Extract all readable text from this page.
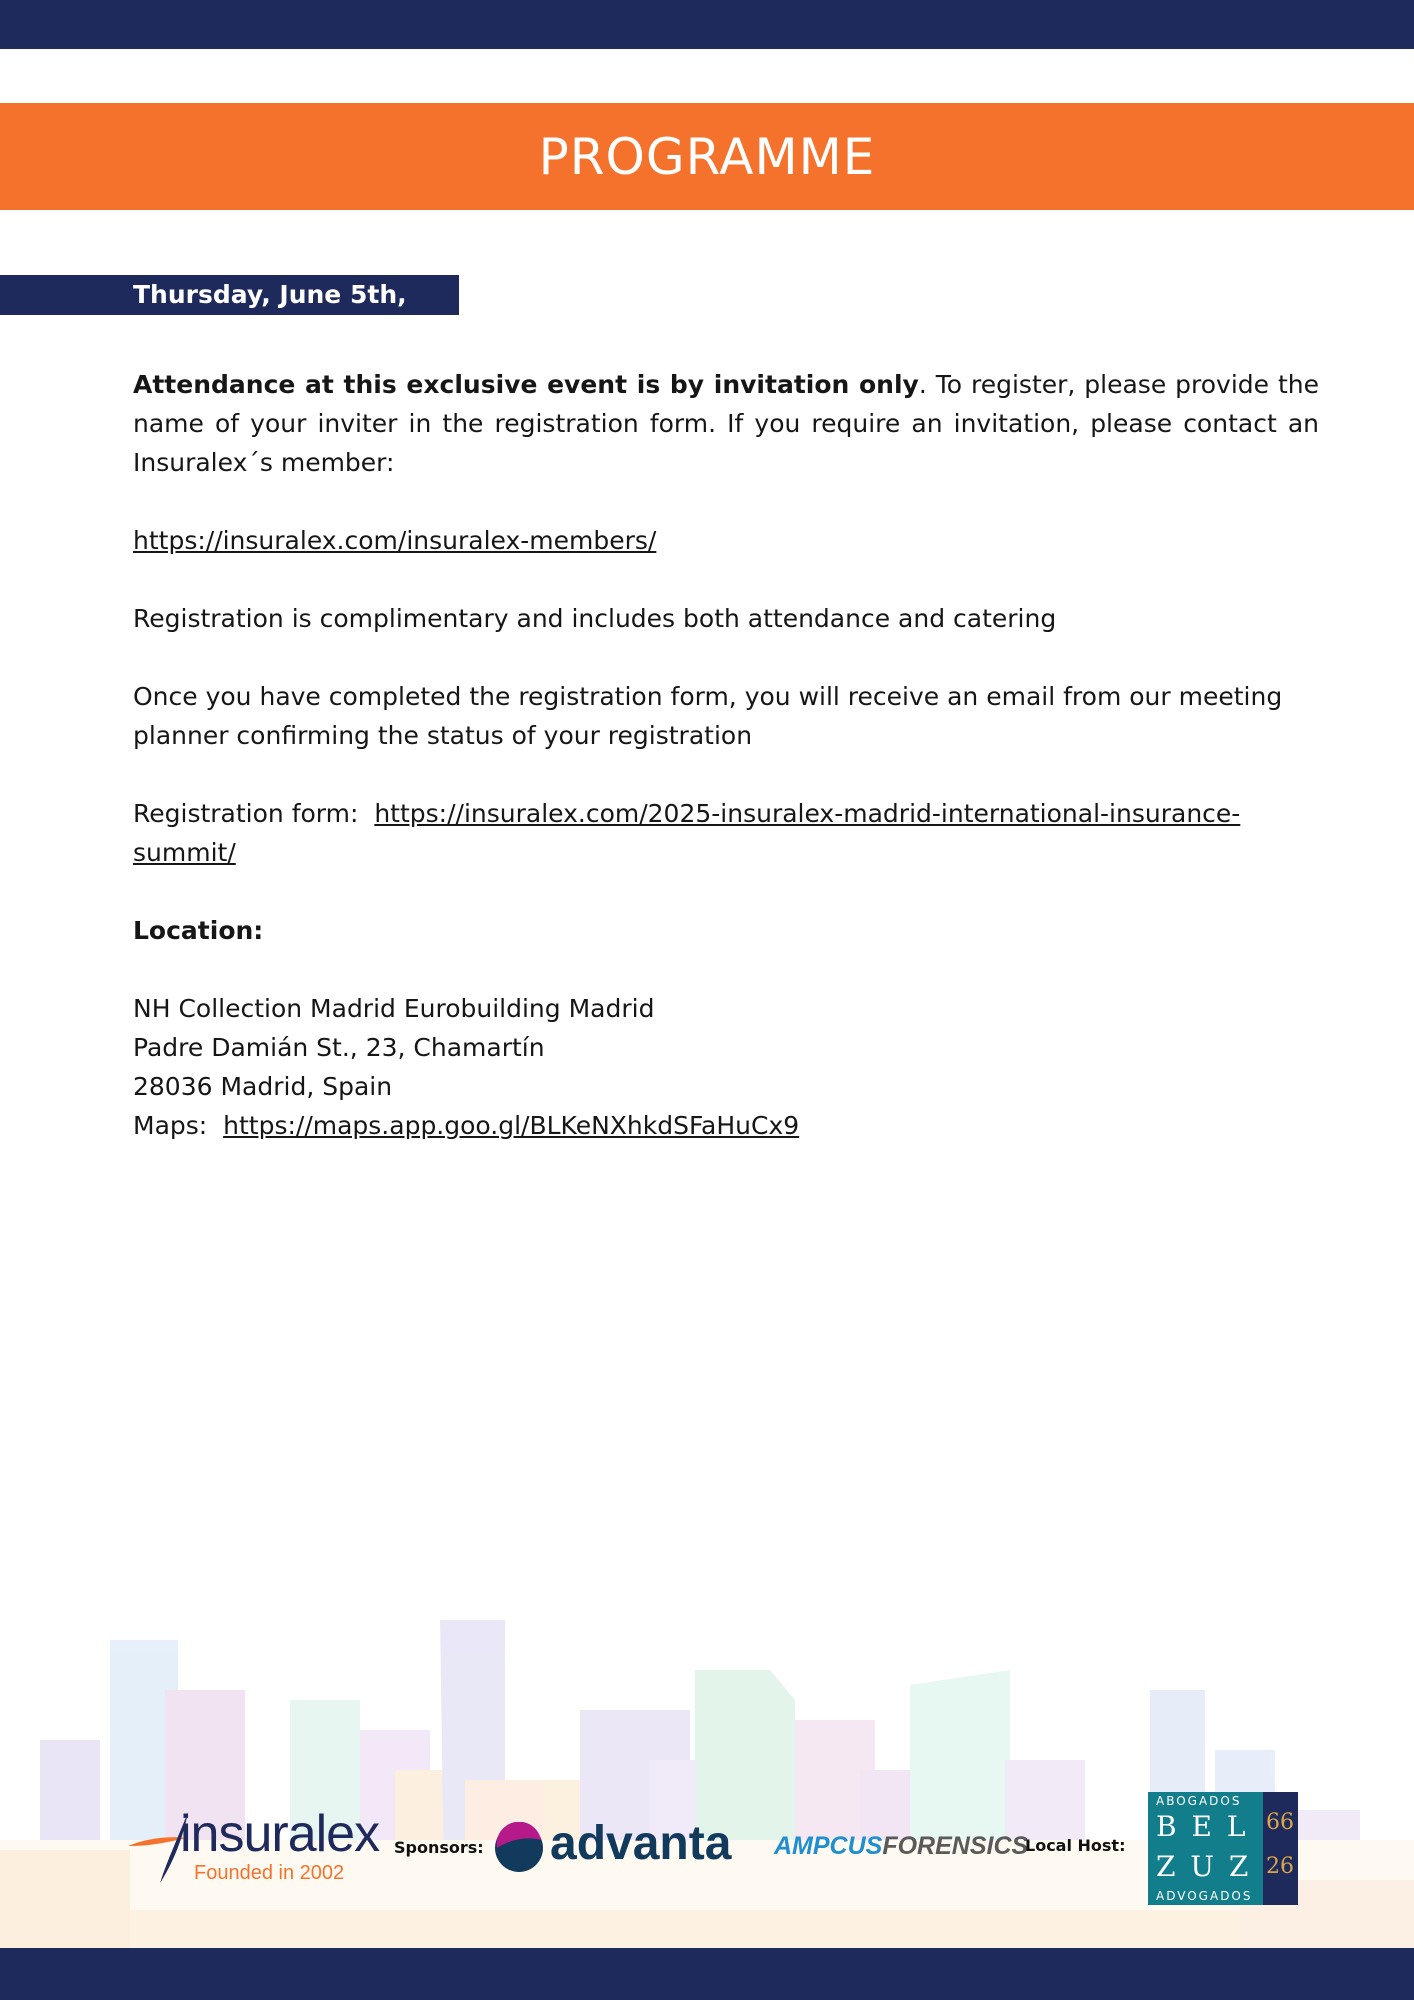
PROGRAMME
Thursday, June 5th, 2025

Attendance at this exclusive event is by invitation only. To register, please provide the name of your inviter in the registration form. If you require an invitation, please contact an Insuralex´s member:

https://insuralex.com/insuralex-members/

Registration is complimentary and includes both attendance and catering

Once you have completed the registration form, you will receive an email from our meeting planner confirming the status of your registration

Registration form: https://insuralex.com/2025-insuralex-madrid-international-insurance-summit/

Location:

NH Collection Madrid Eurobuilding Madrid

Padre Damián St., 23, Chamartín

28036 Madrid, Spain

Maps: https://maps.app.goo.gl/BLKeNXhkdSFaHuCx9

insuralex
Founded in 2002
Sponsors: advanta AMPCUSFORENSICS
Local Host:
ABOGADOS
B E L
Z U Z
ADVOGADOS
66
26
